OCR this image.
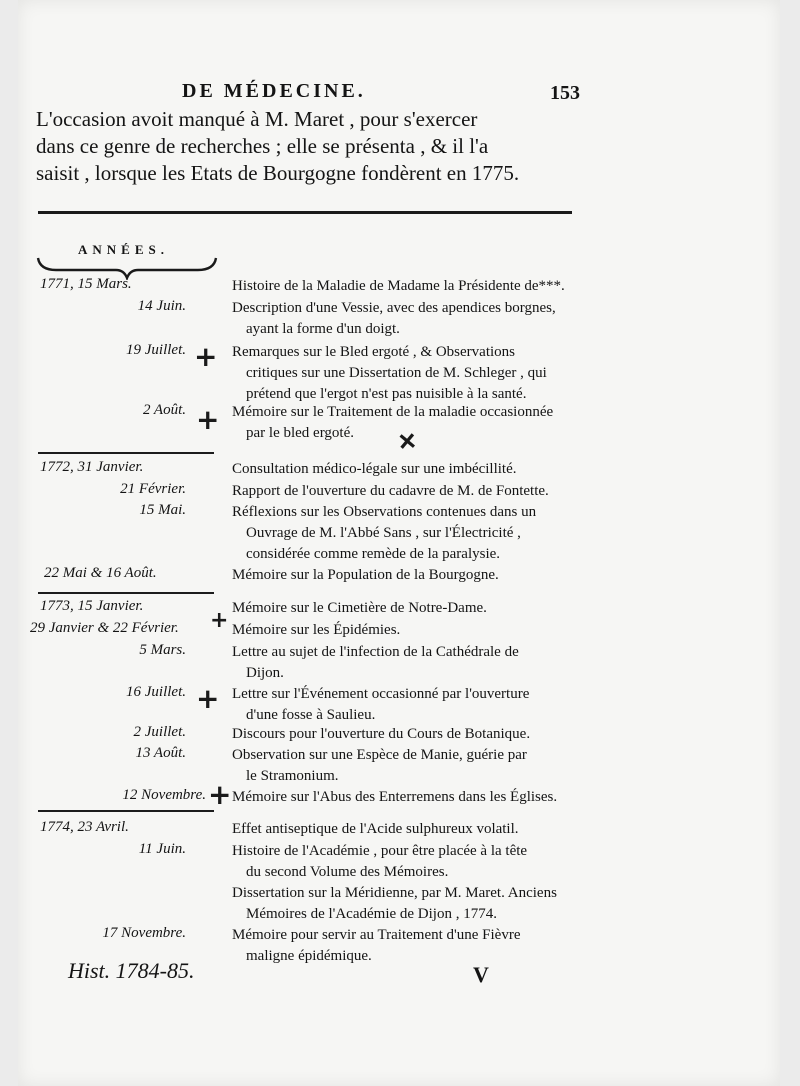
DE MÉDECINE.	153

L'occasion avoit manqué à M. Maret , pour s'exercer

dans ce genre de recherches ; elle se présenta , & il l'a

saisit , lorsque les Etats de Bourgogne fondèrent en 1775.

ANNÉES.
1771, 15 Mars.	Histoire de la Maladie de Madame la Présidente de***.
14 Juin.	Description d'une Vessie, avec des apendices borgnes,
ayant la forme d'un doigt.
19 Juillet.	Remarques sur le Bled ergoté , & Observations
critiques sur une Dissertation de M. Schleger , qui
prétend que l'ergot n'est pas nuisible à la santé.
2 Août.	Mémoire sur le Traitement de la maladie occasionnée
par le bled ergoté.
1772, 31 Janvier.	Consultation médico-légale sur une imbécillité.
21 Février.	Rapport de l'ouverture du cadavre de M. de Fontette.
15 Mai.	Réflexions sur les Observations contenues dans un
Ouvrage de M. l'Abbé Sans , sur l'Électricité ,
considérée comme remède de la paralysie.
22 Mai & 16 Août.	Mémoire sur la Population de la Bourgogne.
1773, 15 Janvier.	Mémoire sur le Cimetière de Notre-Dame.
29 Janvier & 22 Février.	Mémoire sur les Épidémies.
5 Mars.	Lettre au sujet de l'infection de la Cathédrale de
Dijon.
16 Juillet.	Lettre sur l'Événement occasionné par l'ouverture
d'une fosse à Saulieu.
2 Juillet.	Discours pour l'ouverture du Cours de Botanique.
13 Août.	Observation sur une Espèce de Manie, guérie par
le Stramonium.
12 Novembre. Mémoire sur l'Abus des Enterremens dans les Églises.
1774, 23 Avril.	Effet antiseptique de l'Acide sulphureux volatil.
11 Juin.	Histoire de l'Académie , pour être placée à la tête
du second Volume des Mémoires.
Dissertation sur la Méridienne, par M. Maret. Anciens
Mémoires de l'Académie de Dijon , 1774.
17 Novembre.	Mémoire pour servir au Traitement d'une Fièvre
maligne épidémique.
+
+
+
+
+
+
Hist. 1784-85.	V
